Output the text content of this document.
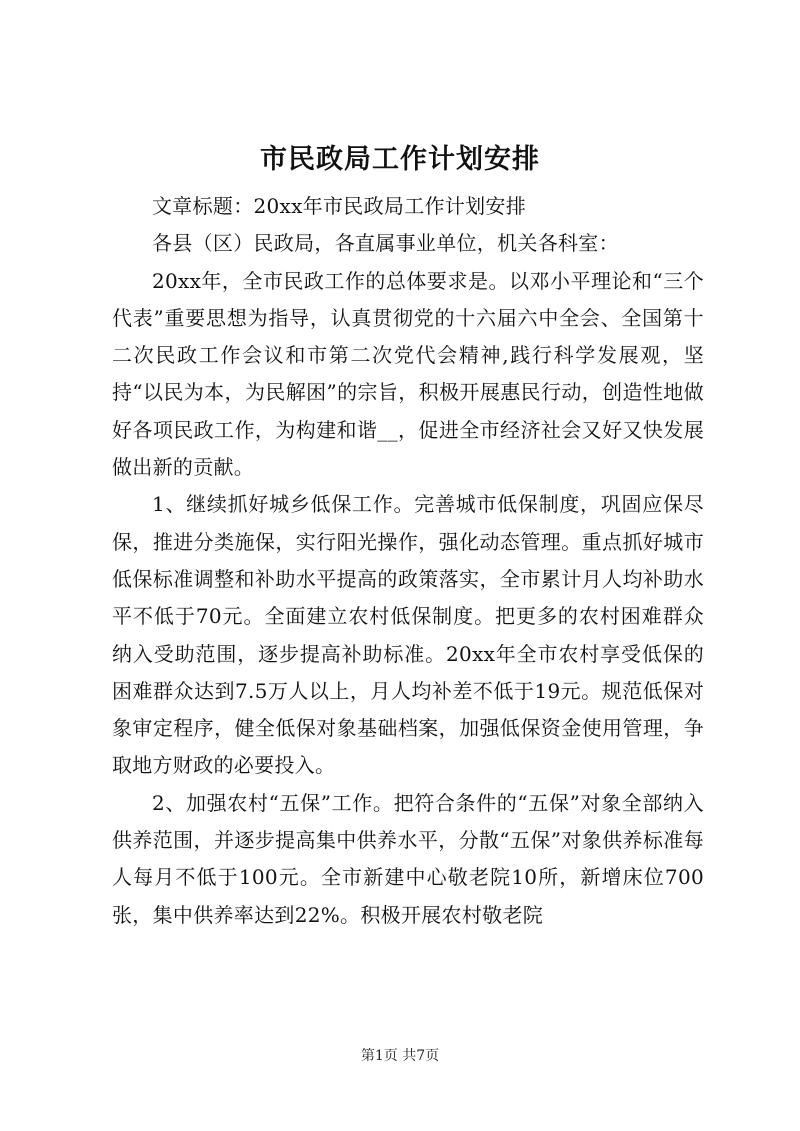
市民政局工作计划安排

文章标题：20xx年市民政局工作计划安排

各县（区）民政局，各直属事业单位，机关各科室：

20xx年，全市民政工作的总体要求是。以邓小平理论和“三个代表”重要思想为指导，认真贯彻党的十六届六中全会、全国第十二次民政工作会议和市第二次党代会精神,践行科学发展观，坚持“以民为本，为民解困”的宗旨，积极开展惠民行动，创造性地做好各项民政工作，为构建和谐__，促进全市经济社会又好又快发展做出新的贡献。

1、继续抓好城乡低保工作。完善城市低保制度，巩固应保尽保，推进分类施保，实行阳光操作，强化动态管理。重点抓好城市低保标准调整和补助水平提高的政策落实，全市累计月人均补助水平不低于70元。全面建立农村低保制度。把更多的农村困难群众纳入受助范围，逐步提高补助标准。20xx年全市农村享受低保的困难群众达到7.5万人以上，月人均补差不低于19元。规范低保对象审定程序，健全低保对象基础档案，加强低保资金使用管理，争取地方财政的必要投入。

2、加强农村“五保”工作。把符合条件的“五保”对象全部纳入供养范围，并逐步提高集中供养水平，分散“五保”对象供养标准每人每月不低于100元。全市新建中心敬老院10所，新增床位700张，集中供养率达到22%。积极开展农村敬老院

第1页 共7页
